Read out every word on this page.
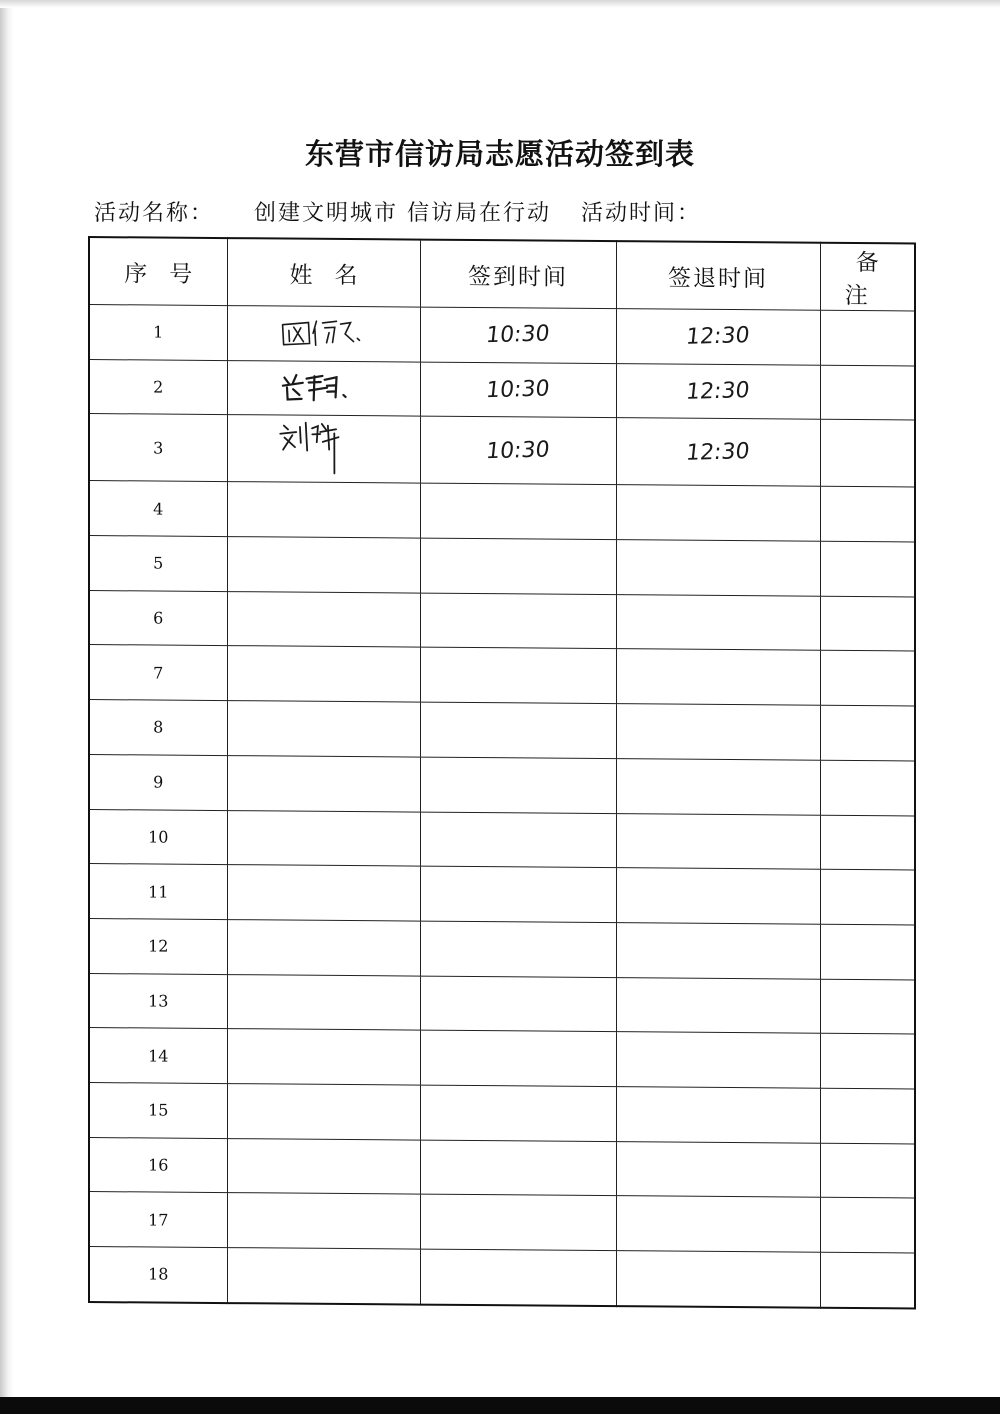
东营市信访局志愿活动签到表
活动名称： 创建文明城市 信访局在行动 活动时间：
序号	姓名	签到时间	签退时间	备注
1		10:30	12:30	
2		10:30	12:30	
3		10:30	12:30	
4				
5				
6				
7				
8				
9				
10				
11				
12				
13				
14				
15				
16				
17				
18				
